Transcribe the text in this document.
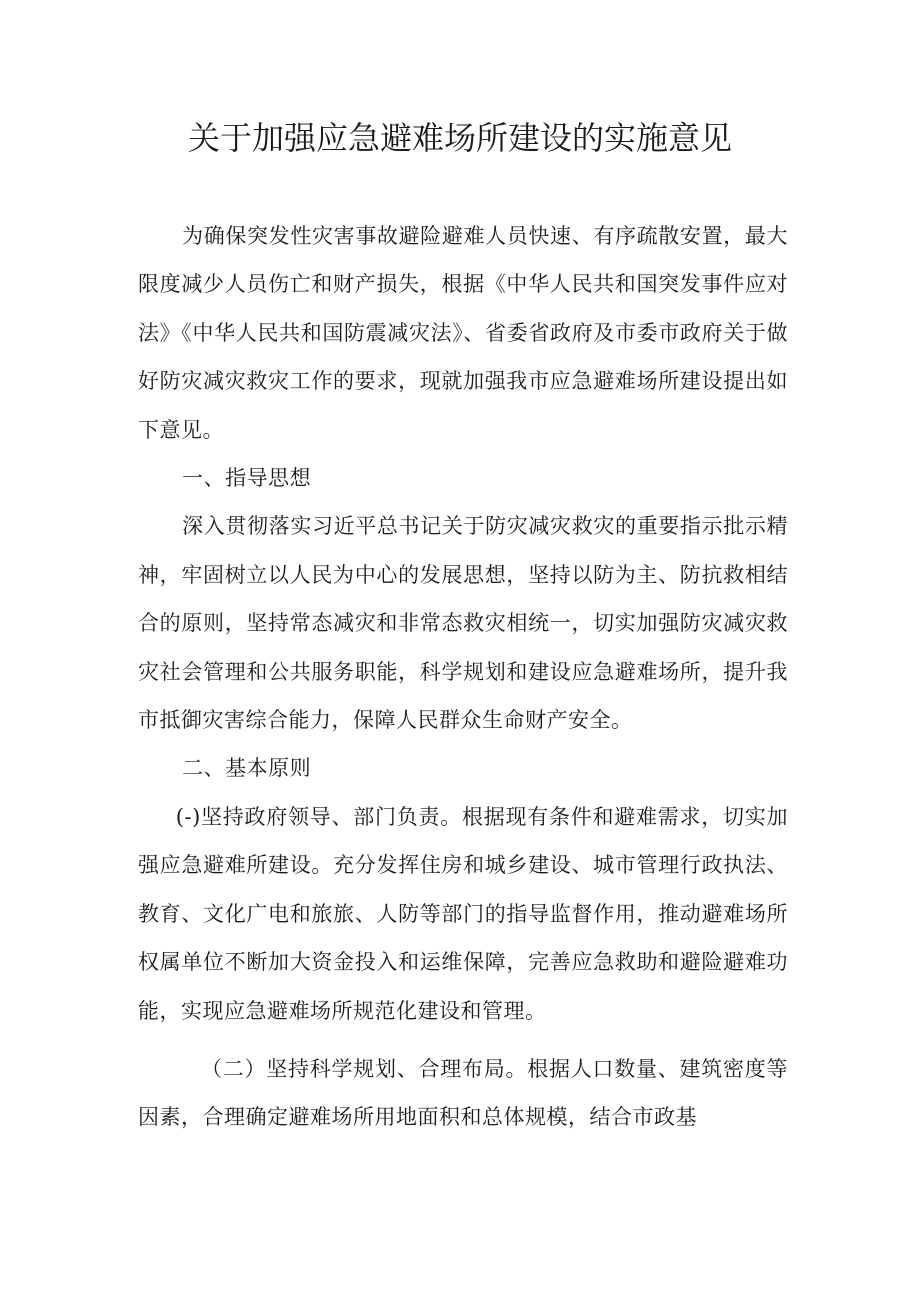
关于加强应急避难场所建设的实施意见

为确保突发性灾害事故避险避难人员快速、有序疏散安置，最大限度减少人员伤亡和财产损失，根据《中华人民共和国突发事件应对法》《中华人民共和国防震减灾法》、省委省政府及市委市政府关于做好防灾减灾救灾工作的要求，现就加强我市应急避难场所建设提出如下意见。

一、指导思想

深入贯彻落实习近平总书记关于防灾减灾救灾的重要指示批示精神，牢固树立以人民为中心的发展思想，坚持以防为主、防抗救相结合的原则，坚持常态减灾和非常态救灾相统一，切实加强防灾减灾救灾社会管理和公共服务职能，科学规划和建设应急避难场所，提升我市抵御灾害综合能力，保障人民群众生命财产安全。

二、基本原则

(-)坚持政府领导、部门负责。根据现有条件和避难需求，切实加强应急避难所建设。充分发挥住房和城乡建设、城市管理行政执法、教育、文化广电和旅旅、人防等部门的指导监督作用，推动避难场所权属单位不断加大资金投入和运维保障，完善应急救助和避险避难功能，实现应急避难场所规范化建设和管理。

（二）坚持科学规划、合理布局。根据人口数量、建筑密度等因素，合理确定避难场所用地面积和总体规模，结合市政基
